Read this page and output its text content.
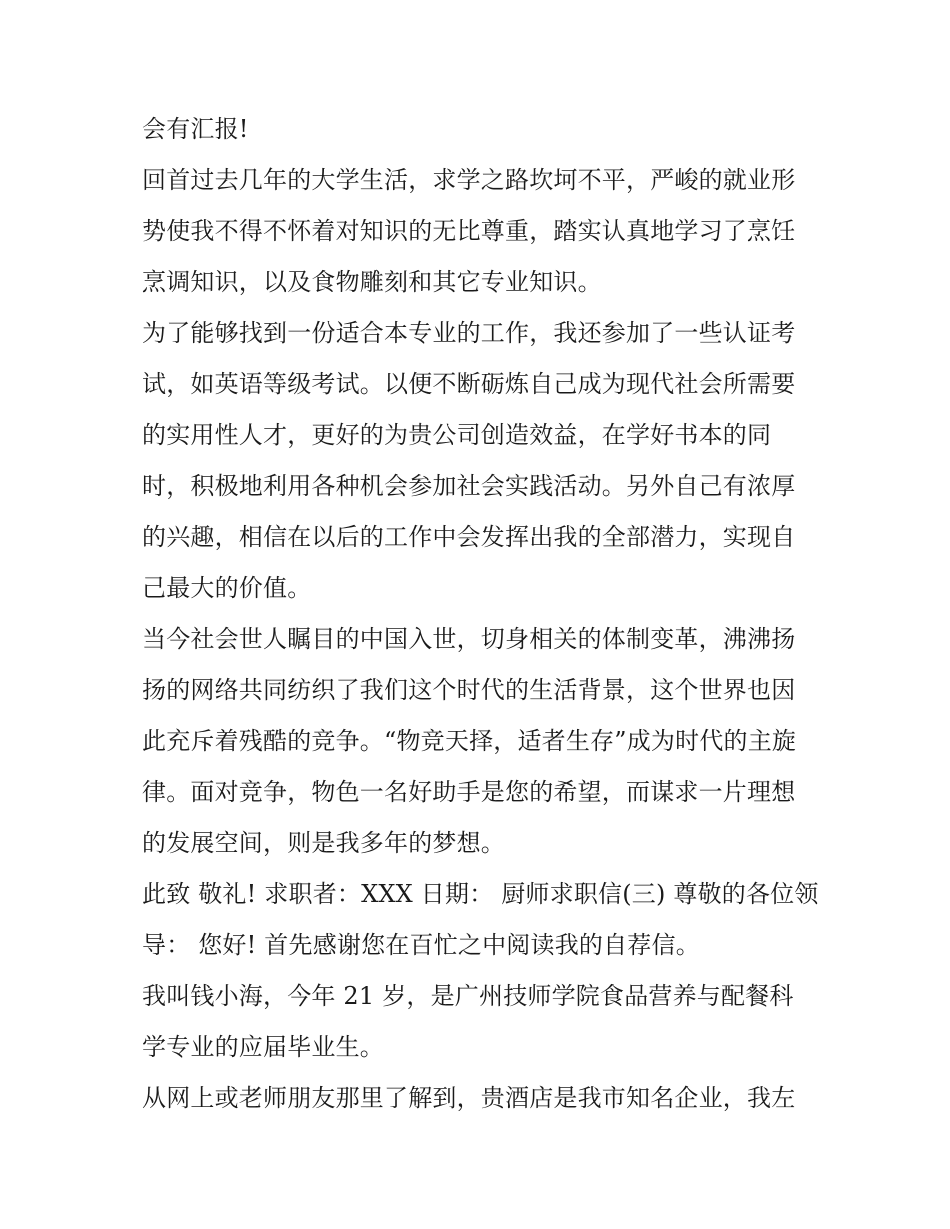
会有汇报!
回首过去几年的大学生活，求学之路坎坷不平，严峻的就业形
势使我不得不怀着对知识的无比尊重，踏实认真地学习了烹饪
烹调知识，以及食物雕刻和其它专业知识。
为了能够找到一份适合本专业的工作，我还参加了一些认证考
试，如英语等级考试。以便不断砺炼自己成为现代社会所需要
的实用性人才，更好的为贵公司创造效益，在学好书本的同
时，积极地利用各种机会参加社会实践活动。另外自己有浓厚
的兴趣，相信在以后的工作中会发挥出我的全部潜力，实现自
己最大的价值。
当今社会世人瞩目的中国入世，切身相关的体制变革，沸沸扬
扬的网络共同纺织了我们这个时代的生活背景，这个世界也因
此充斥着残酷的竞争。“物竞天择，适者生存”成为时代的主旋
律。面对竞争，物色一名好助手是您的希望，而谋求一片理想
的发展空间，则是我多年的梦想。
此致 敬礼! 求职者：XXX 日期： 厨师求职信(三) 尊敬的各位领
导： 您好! 首先感谢您在百忙之中阅读我的自荐信。
我叫钱小海，今年 21 岁，是广州技师学院食品营养与配餐科
学专业的应届毕业生。
从网上或老师朋友那里了解到，贵酒店是我市知名企业，我左
